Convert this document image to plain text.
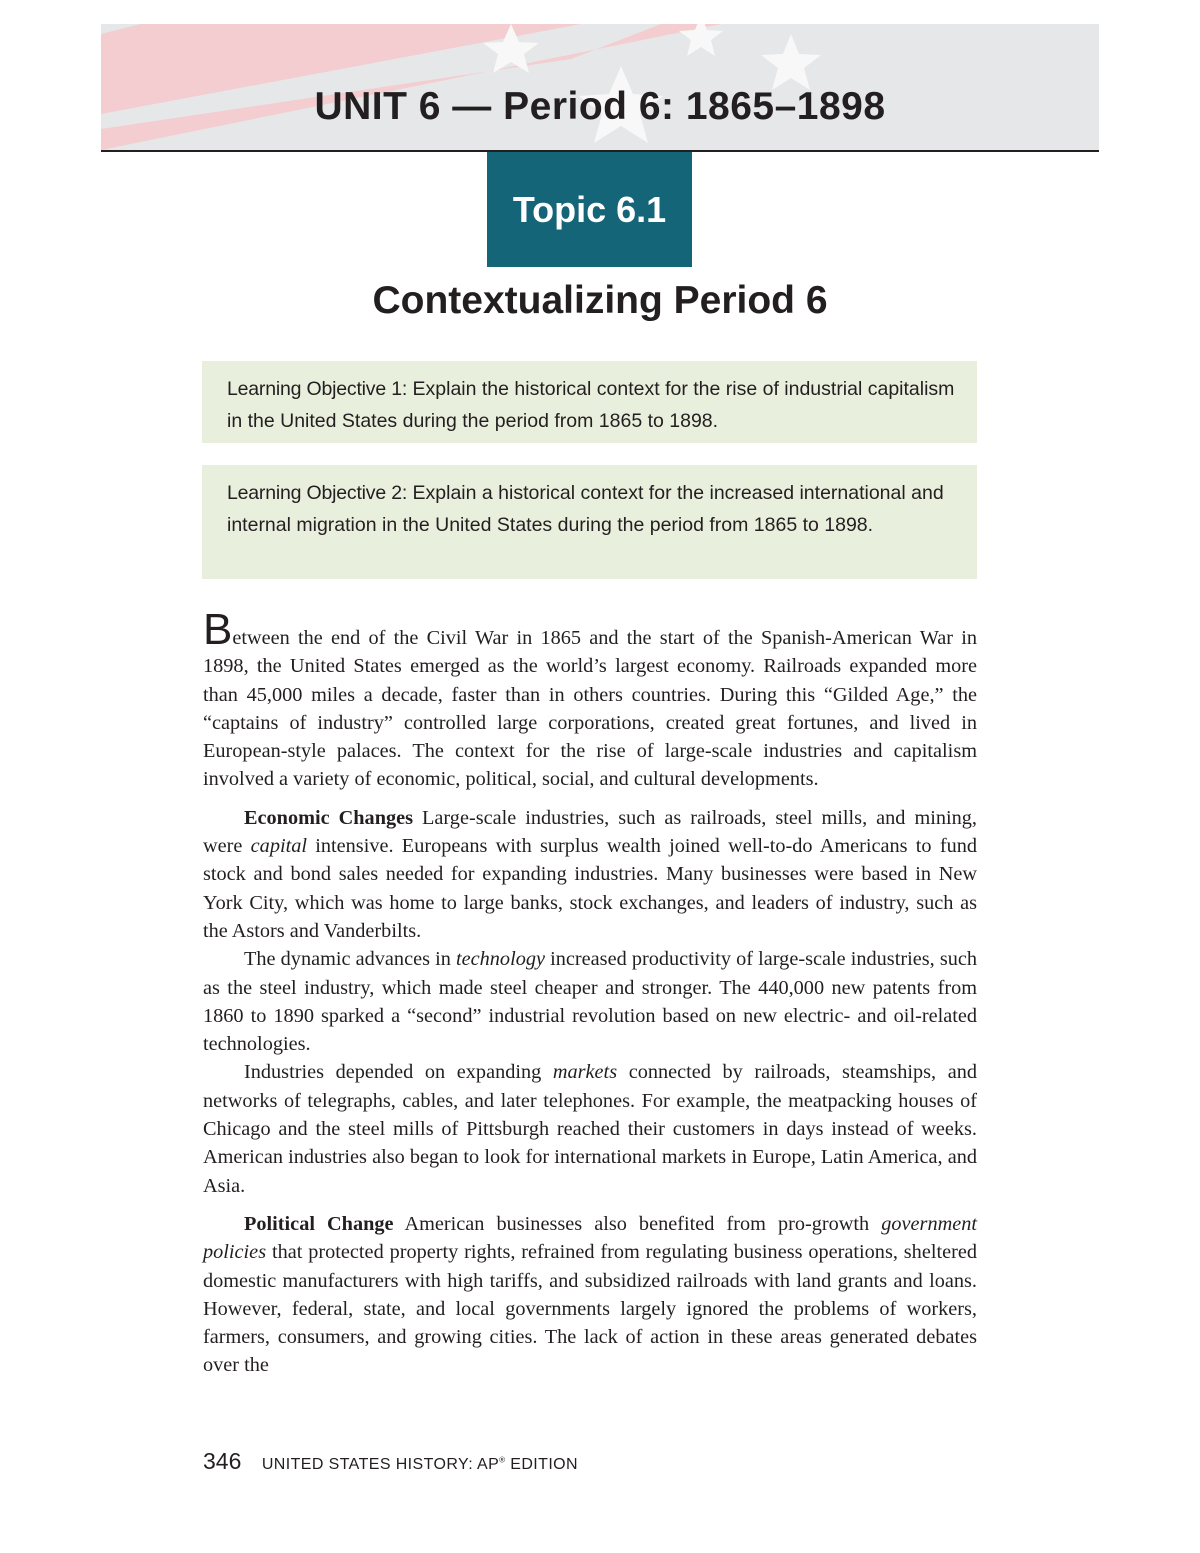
UNIT 6 — Period 6: 1865–1898
Topic 6.1
Contextualizing Period 6
Learning Objective 1: Explain the historical context for the rise of industrial capitalism in the United States during the period from 1865 to 1898.
Learning Objective 2: Explain a historical context for the increased international and internal migration in the United States during the period from 1865 to 1898.

Between the end of the Civil War in 1865 and the start of the Spanish-American War in 1898, the United States emerged as the world’s largest economy. Railroads expanded more than 45,000 miles a decade, faster than in others countries. During this “Gilded Age,” the “captains of industry” controlled large corporations, created great fortunes, and lived in European-style palaces. The context for the rise of large-scale industries and capitalism involved a variety of economic, political, social, and cultural developments.

Economic Changes Large-scale industries, such as railroads, steel mills, and mining, were capital intensive. Europeans with surplus wealth joined well-to-do Americans to fund stock and bond sales needed for expanding industries. Many businesses were based in New York City, which was home to large banks, stock exchanges, and leaders of industry, such as the Astors and Vanderbilts.

The dynamic advances in technology increased productivity of large-scale industries, such as the steel industry, which made steel cheaper and stronger. The 440,000 new patents from 1860 to 1890 sparked a “second” industrial revolution based on new electric- and oil-related technologies.

Industries depended on expanding markets connected by railroads, steamships, and networks of telegraphs, cables, and later telephones. For example, the meatpacking houses of Chicago and the steel mills of Pittsburgh reached their customers in days instead of weeks. American industries also began to look for international markets in Europe, Latin America, and Asia.

Political Change American businesses also benefited from pro-growth government policies that protected property rights, refrained from regulating business operations, sheltered domestic manufacturers with high tariffs, and subsidized railroads with land grants and loans. However, federal, state, and local governments largely ignored the problems of workers, farmers, consumers, and growing cities. The lack of action in these areas generated debates over the

346 UNITED STATES HISTORY: AP® EDITION
